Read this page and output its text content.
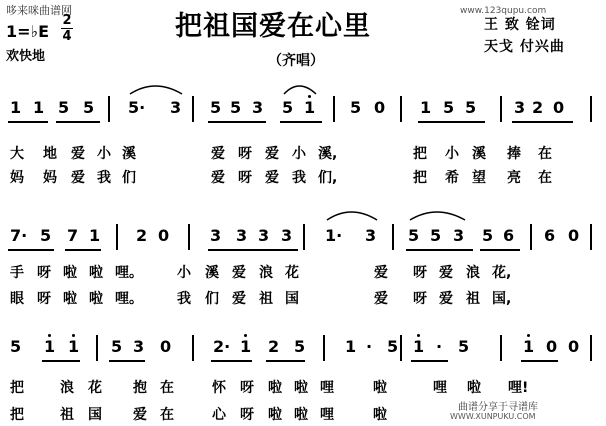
哆来咪曲谱网	www.123qupu.com
把祖国爱在心里
（齐唱）
1=♭E
2
4
欢快地
王 致 铨词
天戈 付兴曲
1 1 5 5 5· 3 5 5 3 5 1 5 0 1 5 5 3 2 0
大 地 爱 小 溪	爱 呀 爱 小 溪,	把 小 溪 捧 在
妈 妈 爱 我 们	爱 呀 爱 我 们,	把 希 望 亮 在
7· 5 7 1 2 0	3 3 3 3 1· 3 5 5 3 5 6 6 0
手 呀 啦 啦 哩。 小 溪 爱 浪 花	爱 呀 爱 浪 花,
眼 呀 啦 啦 哩。 我 们 爱 祖 国	爱 呀 爱 祖 国,
5 1 1 5 3 0	2· 1 2 5 1 · 5 1 · 5	1 0 0
把	浪 花 抱 在	怀 呀 啦 啦 哩	啦	哩 啦 哩!
把	祖 国 爱 在	心 呀 啦 啦 哩	啦	曲谱分享于寻谱库
WWW.XUNPUKU.COM
